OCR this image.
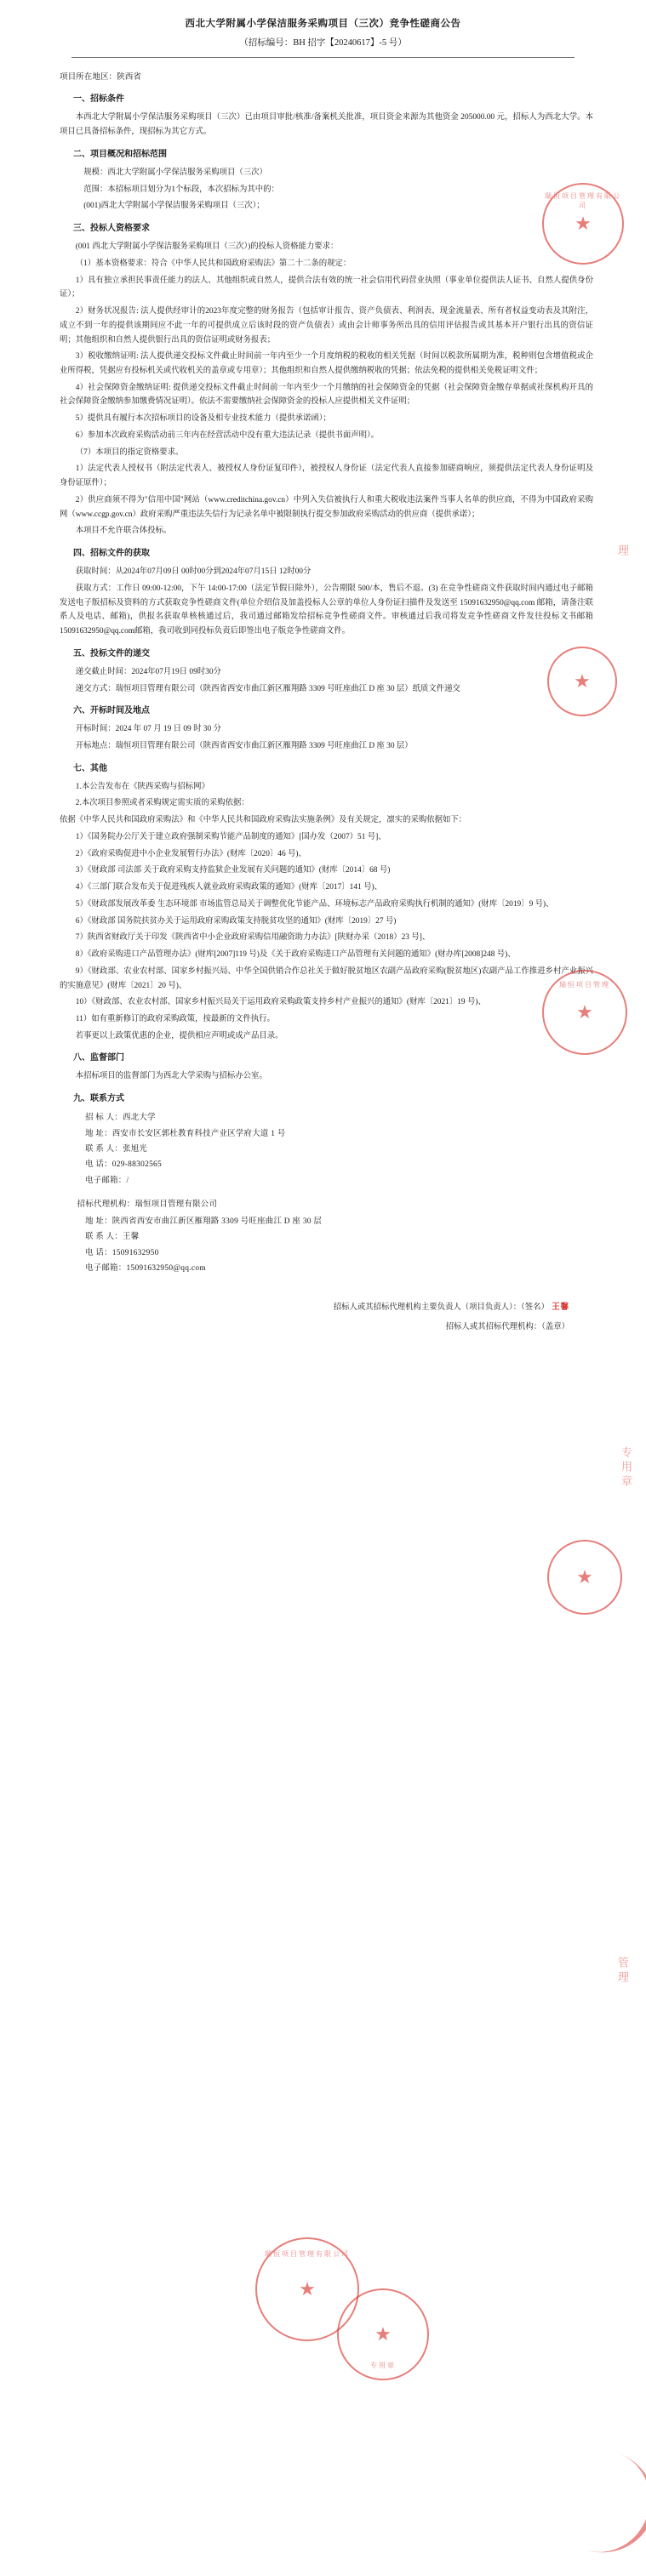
西北大学附属小学保洁服务采购项目（三次）竞争性磋商公告
（招标编号：BH 招字【20240617】-5 号）

项目所在地区：陕西省

一、招标条件

本西北大学附属小学保洁服务采购项目（三次）已由项目审批/核准/备案机关批准，项目资金来源为其他资金 205000.00 元，招标人为西北大学。本项目已具备招标条件，现招标为其它方式。

二、项目概况和招标范围

规模：西北大学附属小学保洁服务采购项目（三次）

范围：本招标项目划分为1个标段，本次招标为其中的：

(001)西北大学附属小学保洁服务采购项目（三次）；

三、投标人资格要求

(001 西北大学附属小学保洁服务采购项目（三次）)的投标人资格能力要求：

（1）基本资格要求：符合《中华人民共和国政府采购法》第二十二条的规定：

1）具有独立承担民事责任能力的法人、其他组织或自然人，提供合法有效的统一社会信用代码营业执照（事业单位提供法人证书、自然人提供身份证）；

2）财务状况报告: 法人提供经审计的2023年度完整的财务报告（包括审计报告、资产负债表、利润表、现金流量表、所有者权益变动表及其附注，成立不到一年的提供该期间应不此一年的可提供成立后该时段的资产负债表）或由会计师事务所出具的信用评估报告或其基本开户银行出具的资信证明；其他组织和自然人提供银行出具的资信证明或财务报表；

3）税收缴纳证明: 法人提供递交投标文件截止时间前一年内至少一个月度纳税的税收的相关凭据（时间以税款所属期为准，税种则包含增值税或企业所得税，凭据应有投标机关或代收机关的盖章或专用章）；其他组织和自然人提供缴纳税收的凭据；依法免税的提供相关免税证明文件；

4）社会保障资金缴纳证明: 提供递交投标文件截止时间前一年内至少一个月缴纳的社会保障资金的凭据（社会保障资金缴存单据或社保机构开具的社会保障资金缴纳参加缴费情况证明）。依法不需要缴纳社会保障资金的投标人应提供相关文件证明；

5）提供具有履行本次招标项目的设备及相专业技术能力（提供承诺函）；

6）参加本次政府采购活动前三年内在经营活动中没有重大违法记录（提供书面声明）。

（7）本项目的指定资格要求。

1）法定代表人授权书（附法定代表人、被授权人身份证复印件），被授权人身份证（法定代表人直接参加磋商响应，须提供法定代表人身份证明及身份证原件）；

2）供应商须不得为"信用中国"网站（www.creditchina.gov.cn）中列入失信被执行人和重大税收违法案件当事人名单的供应商，不得为中国政府采购网（www.ccgp.gov.cn）政府采购严重违法失信行为记录名单中被限制执行提交参加政府采购活动的供应商（提供承诺）；

本项目不允许联合体投标。

四、招标文件的获取

获取时间：从2024年07月09日 00时00分到2024年07月15日 12时00分

获取方式：工作日 09:00-12:00，下午 14:00-17:00（法定节假日除外），公告期限 500/本，售后不退。(3) 在竞争性磋商文件获取时间内通过电子邮箱发送电子版招标及资料的方式获取竞争性磋商文件(单位介绍信及加盖投标人公章的单位人身份证扫描件及发送至 15091632950@qq.com 邮箱，请备注联系人及电话、邮箱)，供报名获取单核核通过后，我司通过邮箱发给招标竞争性磋商文件。审核通过后我司将发竞争性磋商文件发往投标文书邮箱15091632950@qq.com邮箱，我司收到同投标负责后即签出电子版竞争性磋商文件。

五、投标文件的递交

递交截止时间：2024年07月19日 09时30分

递交方式：瑞恒项目管理有限公司（陕西省西安市曲江新区雁翔路 3309 号旺座曲江 D 座 30 层）纸质文件递交

六、开标时间及地点

开标时间：2024 年 07 月 19 日 09 时 30 分

开标地点：瑞恒项目管理有限公司（陕西省西安市曲江新区雁翔路 3309 号旺座曲江 D 座 30 层）

七、其他

1.本公告发布在《陕西采购与招标网》

2.本次项目参照或者采购规定需实质的采购依据：

依据《中华人民共和国政府采购法》和《中华人民共和国政府采购法实施条例》及有关规定，凛实的采购依据如下：

1）《国务院办公厅关于建立政府强制采购节能产品制度的通知》[国办发（2007）51 号]、

2）《政府采购促进中小企业发展暂行办法》(财库〔2020〕46 号)、

3）《财政部 司法部 关于政府采购支持监狱企业发展有关问题的通知》(财库〔2014〕68 号)

4）《三部门联合发布关于促进残疾人就业政府采购政策的通知》(财库〔2017〕141 号)、

5）《财政部发展改革委 生态环境部 市场监管总局关于调整优化节能产品、环境标志产品政府采购执行机制的通知》(财库〔2019〕9 号)、

6）《财政部 国务院扶贫办关于运用政府采购政策支持脱贫攻坚的通知》(财库〔2019〕27 号)

7）陕西省财政厅关于印发《陕西省中小企业政府采购信用融资助力办法》[陕财办采（2018）23 号]、

8）《政府采购进口产品管理办法》(财库[2007]119 号)及《关于政府采购进口产品管理有关问题的通知》(财办库[2008]248 号)、

9）《财政部、农业农村部、国家乡村振兴局、中华全国供销合作总社关于做好脱贫地区农副产品政府采购(脱贫地区)农副产品工作推进乡村产业振兴的实施意见》(财库〔2021〕20 号)、

10）《财政部、农业农村部、国家乡村振兴局关于运用政府采购政策支持乡村产业振兴的通知》(财库〔2021〕19 号)、

11）如有重新修订的政府采购政策，按最新的文件执行。

若事更以上政策优惠的企业，提供相应声明或成产品目录。

八、监督部门

本招标项目的监督部门为西北大学采购与招标办公室。

九、联系方式

招 标 人：西北大学

地 址：西安市长安区郭杜教育科技产业区学府大道 1 号

联 系 人：张旭光

电 话：029-88302565

电子邮箱：/

招标代理机构：瑞恒项目管理有限公司

地 址：陕西省西安市曲江新区雁翔路 3309 号旺座曲江 D 座 30 层

联 系 人：王馨

电 话：15091632950

电子邮箱：15091632950@qq.com

招标人或其招标代理机构主要负责人（项目负责人）：（签名） 王馨
招标人或其招标代理机构：（盖章）
★
瑞恒项目管理有限公司
★
★
瑞恒项目管理
★
★
瑞恒项目管理有限公司
★
专用章
理
专用章
管理
